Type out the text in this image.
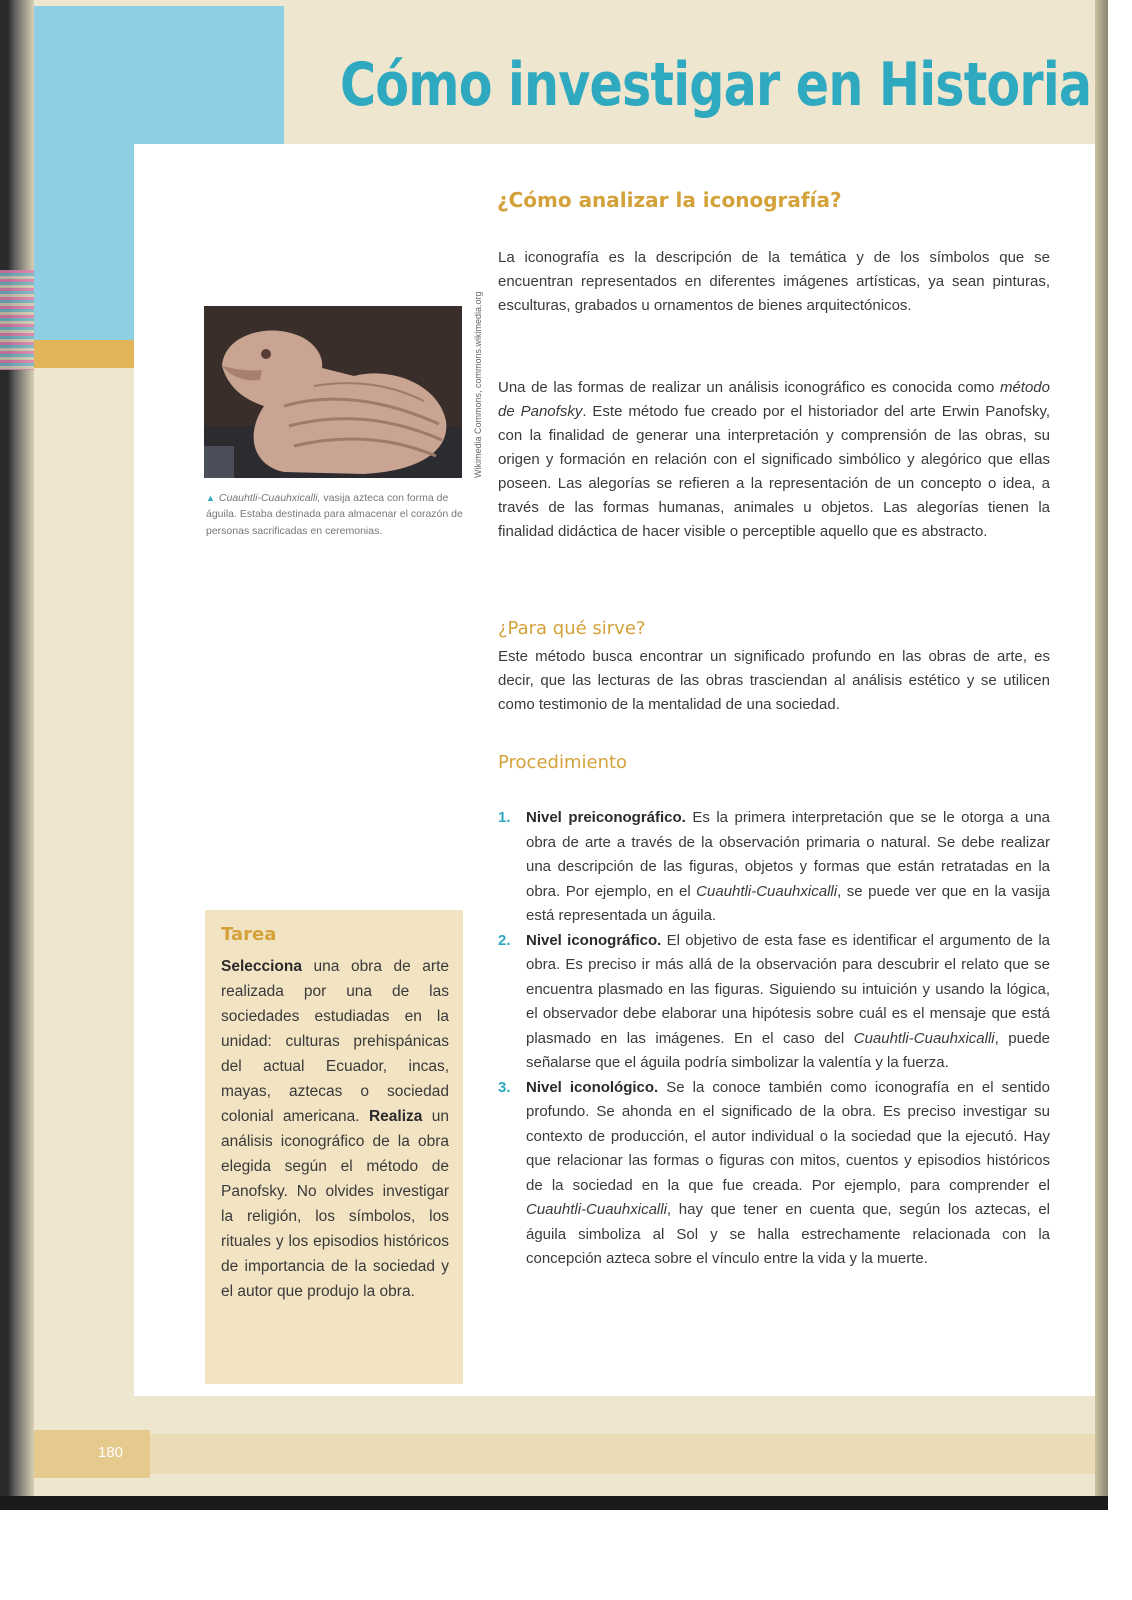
180
Cómo investigar en Historia
Wikimedia Commons, commons.wikimedia.org
▲ Cuauhtli-Cuauhxicalli, vasija azteca con forma de águila. Estaba destinada para almacenar el corazón de personas sacrificadas en ceremonias.
¿Cómo analizar la iconografía?
La iconografía es la descripción de la temática y de los símbolos que se encuentran representados en diferentes imágenes artísticas, ya sean pinturas, esculturas, grabados u ornamentos de bienes arquitectónicos.
Una de las formas de realizar un análisis iconográfico es conocida como método de Panofsky. Este método fue creado por el historiador del arte Erwin Panofsky, con la finalidad de generar una interpretación y comprensión de las obras, su origen y formación en relación con el significado simbólico y alegórico que ellas poseen. Las alegorías se refieren a la representación de un concepto o idea, a través de las formas humanas, animales u objetos. Las alegorías tienen la finalidad didáctica de hacer visible o perceptible aquello que es abstracto.
¿Para qué sirve?
Este método busca encontrar un significado profundo en las obras de arte, es decir, que las lecturas de las obras trasciendan al análisis estético y se utilicen como testimonio de la mentalidad de una sociedad.
Procedimiento
1. Nivel preiconográfico. Es la primera interpretación que se le otorga a una obra de arte a través de la observación primaria o natural. Se debe realizar una descripción de las figuras, objetos y formas que están retratadas en la obra. Por ejemplo, en el Cuauhtli-Cuauhxicalli, se puede ver que en la vasija está representada un águila.
2. Nivel iconográfico. El objetivo de esta fase es identificar el argumento de la obra. Es preciso ir más allá de la observación para descubrir el relato que se encuentra plasmado en las figuras. Siguiendo su intuición y usando la lógica, el observador debe elaborar una hipótesis sobre cuál es el mensaje que está plasmado en las imágenes. En el caso del Cuauhtli-Cuauhxicalli, puede señalarse que el águila podría simbolizar la valentía y la fuerza.
3. Nivel iconológico. Se la conoce también como iconografía en el sentido profundo. Se ahonda en el significado de la obra. Es preciso investigar su contexto de producción, el autor individual o la sociedad que la ejecutó. Hay que relacionar las formas o figuras con mitos, cuentos y episodios históricos de la sociedad en la que fue creada. Por ejemplo, para comprender el Cuauhtli-Cuauhxicalli, hay que tener en cuenta que, según los aztecas, el águila simboliza al Sol y se halla estrechamente relacionada con la concepción azteca sobre el vínculo entre la vida y la muerte.
Tarea
Selecciona una obra de arte realizada por una de las sociedades estudiadas en la unidad: culturas prehispánicas del actual Ecuador, incas, mayas, aztecas o sociedad colonial americana. Realiza un análisis iconográfico de la obra elegida según el método de Panofsky. No olvides investigar la religión, los símbolos, los rituales y los episodios históricos de importancia de la sociedad y el autor que produjo la obra.
